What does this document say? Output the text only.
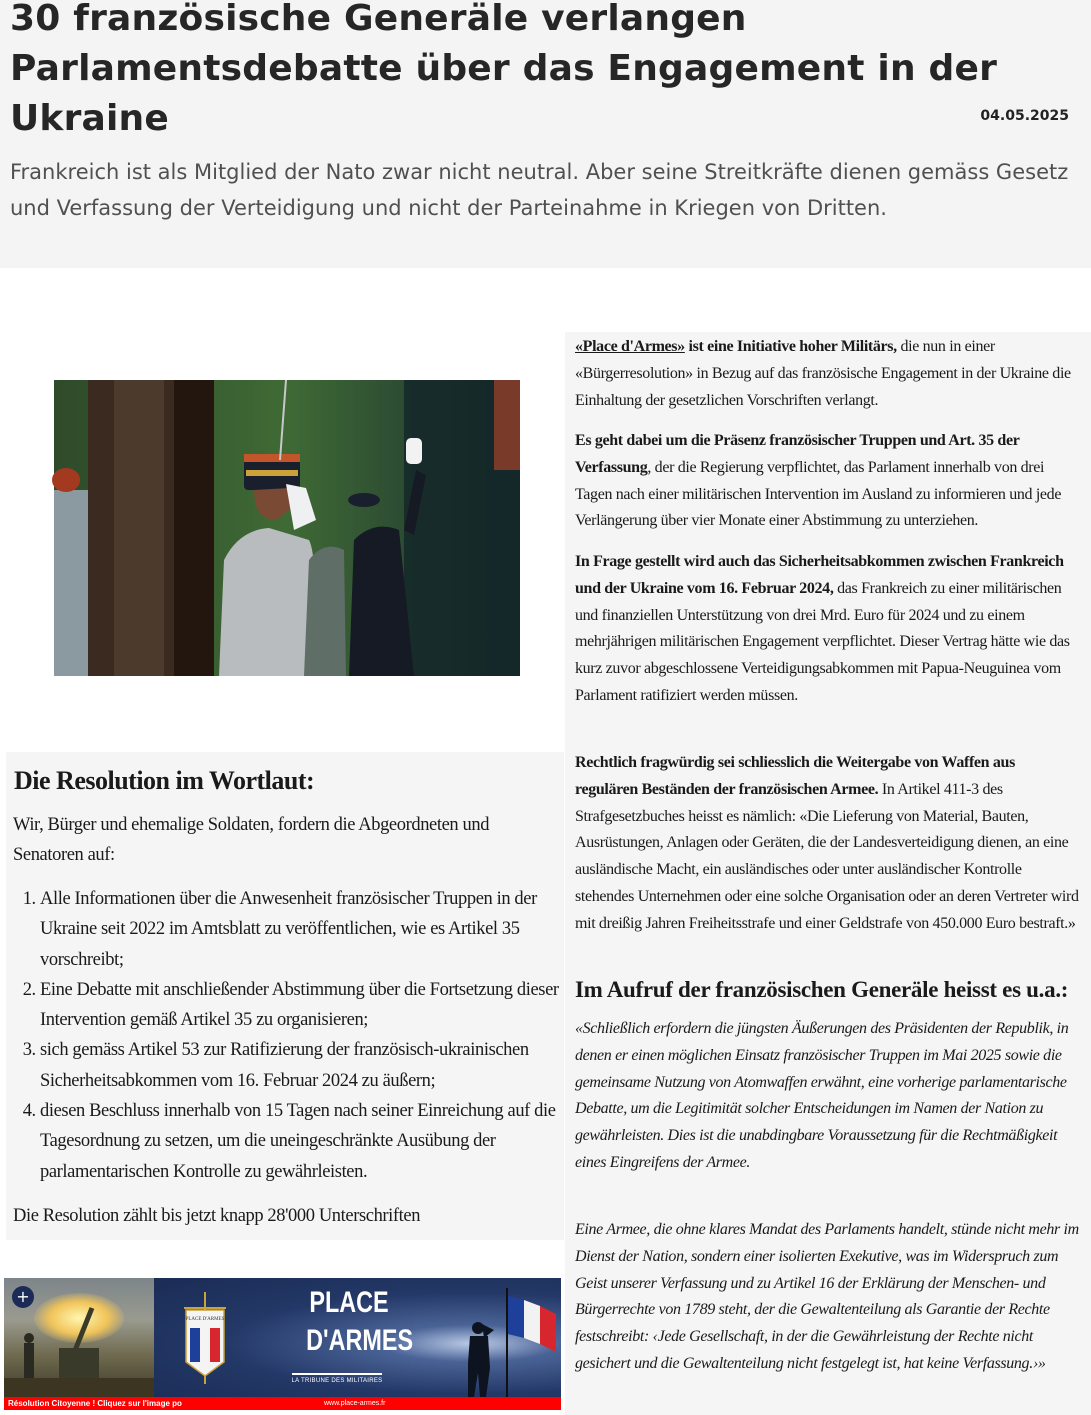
30 französische Generäle verlangen Parlamentsdebatte über das Engagement in der Ukraine	04.05.2025

Frankreich ist als Mitglied der Nato zwar nicht neutral. Aber seine Streitkräfte dienen gemäss Gesetz und Verfassung der Verteidigung und nicht der Parteinahme in Kriegen von Dritten.

Die Resolution im Wortlaut:

Wir, Bürger und ehemalige Soldaten, fordern die Abgeordneten und Senatoren auf:

1. Alle Informationen über die Anwesenheit französischer Truppen in der Ukraine seit 2022 im Amtsblatt zu veröffentlichen, wie es Artikel 35 vorschreibt;
2. Eine Debatte mit anschließender Abstimmung über die Fortsetzung dieser Intervention gemäß Artikel 35 zu organisieren;
3. sich gemäss Artikel 53 zur Ratifizierung der französisch-ukrainischen Sicherheitsabkommen vom 16. Februar 2024 zu äußern;
4. diesen Beschluss innerhalb von 15 Tagen nach seiner Einreichung auf die Tagesordnung zu setzen, um die uneingeschränkte Ausübung der parlamentarischen Kontrolle zu gewährleisten.

Die Resolution zählt bis jetzt knapp 28'000 Unterschriften

+
PLACE D'ARMES
PLACE
D'ARMES
LA TRIBUNE DES MILITAIRES
Résolution Citoyenne ! Cliquez sur l'image po	www.place-armes.fr

«Place d'Armes» ist eine Initiative hoher Militärs, die nun in einer «Bürgerresolution» in Bezug auf das französische Engagement in der Ukraine die Einhaltung der gesetzlichen Vorschriften verlangt.

Es geht dabei um die Präsenz französischer Truppen und Art. 35 der Verfassung, der die Regierung verpflichtet, das Parlament innerhalb von drei Tagen nach einer militärischen Intervention im Ausland zu informieren und jede Verlängerung über vier Monate einer Abstimmung zu unterziehen.

In Frage gestellt wird auch das Sicherheitsabkommen zwischen Frankreich und der Ukraine vom 16. Februar 2024, das Frankreich zu einer militärischen und finanziellen Unterstützung von drei Mrd. Euro für 2024 und zu einem mehrjährigen militärischen Engagement verpflichtet. Dieser Vertrag hätte wie das kurz zuvor abgeschlossene Verteidigungsabkommen mit Papua-Neuguinea vom Parlament ratifiziert werden müssen.

Rechtlich fragwürdig sei schliesslich die Weitergabe von Waffen aus regulären Beständen der französischen Armee. In Artikel 411-3 des Strafgesetzbuches heisst es nämlich: «Die Lieferung von Material, Bauten, Ausrüstungen, Anlagen oder Geräten, die der Landesverteidigung dienen, an eine ausländische Macht, ein ausländisches oder unter ausländischer Kontrolle stehendes Unternehmen oder eine solche Organisation oder an deren Vertreter wird mit dreißig Jahren Freiheitsstrafe und einer Geldstrafe von 450.000 Euro bestraft.»

Im Aufruf der französischen Generäle heisst es u.a.:

«Schließlich erfordern die jüngsten Äußerungen des Präsidenten der Republik, in denen er einen möglichen Einsatz französischer Truppen im Mai 2025 sowie die gemeinsame Nutzung von Atomwaffen erwähnt, eine vorherige parlamentarische Debatte, um die Legitimität solcher Entscheidungen im Namen der Nation zu gewährleisten. Dies ist die unabdingbare Voraussetzung für die Rechtmäßigkeit eines Eingreifens der Armee.

Eine Armee, die ohne klares Mandat des Parlaments handelt, stünde nicht mehr im Dienst der Nation, sondern einer isolierten Exekutive, was im Widerspruch zum Geist unserer Verfassung und zu Artikel 16 der Erklärung der Menschen- und Bürgerrechte von 1789 steht, der die Gewaltenteilung als Garantie der Rechte festschreibt: ‹Jede Gesellschaft, in der die Gewährleistung der Rechte nicht gesichert und die Gewaltenteilung nicht festgelegt ist, hat keine Verfassung.›»
